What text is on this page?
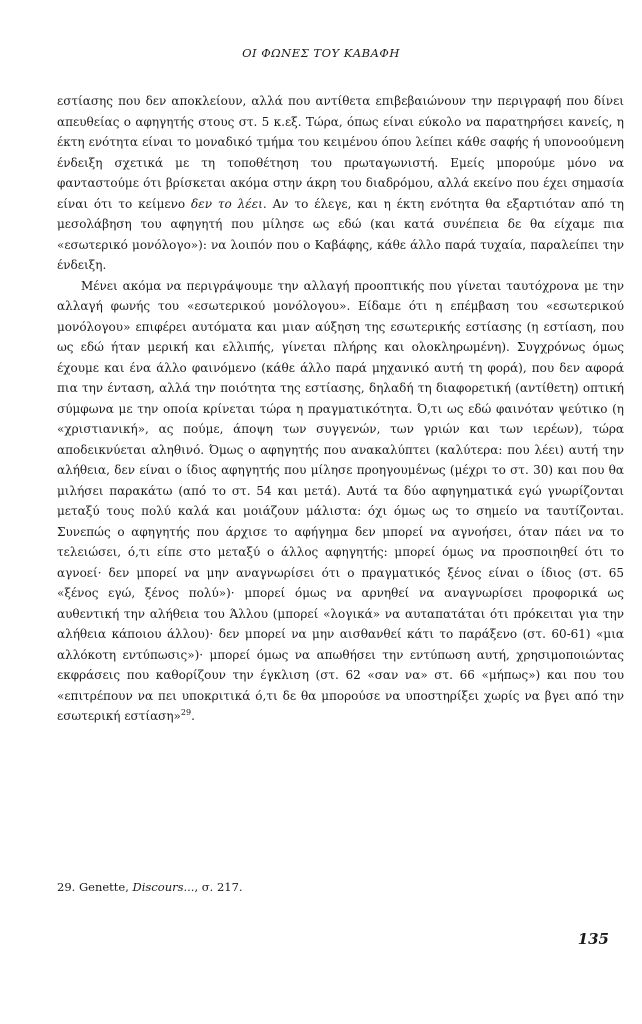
ΟΙ ΦΩΝΕΣ ΤΟΥ ΚΑΒΑΦΗ

εστίασης που δεν αποκλείουν, αλλά που αντίθετα επιβεβαιώνουν την περιγραφή που δίνει απευθείας ο αφηγητής στους στ. 5 κ.εξ. Τώρα, όπως είναι εύκολο να παρατηρήσει κανείς, η έκτη ενότητα είναι το μοναδικό τμήμα του κειμένου όπου λείπει κάθε σαφής ή υπονοούμενη ένδειξη σχετικά με τη τοποθέτηση του πρωταγωνιστή. Εμείς μπορούμε μόνο να φανταστούμε ότι βρίσκεται ακόμα στην άκρη του διαδρόμου, αλλά εκείνο που έχει σημασία είναι ότι το κείμενο δεν το λέει. Αν το έλεγε, και η έκτη ενότητα θα εξαρτιόταν από τη μεσολάβηση του αφηγητή που μίλησε ως εδώ (και κατά συνέπεια δε θα είχαμε πια «εσωτερικό μονόλογο»): να λοιπόν που ο Καβάφης, κάθε άλλο παρά τυχαία, παραλείπει την ένδειξη.

Μένει ακόμα να περιγράψουμε την αλλαγή προοπτικής που γίνεται ταυτόχρονα με την αλλαγή φωνής του «εσωτερικού μονόλογου». Είδαμε ότι η επέμβαση του «εσωτερικού μονόλογου» επιφέρει αυτόματα και μιαν αύξηση της εσωτερικής εστίασης (η εστίαση, που ως εδώ ήταν μερική και ελλιπής, γίνεται πλήρης και ολοκληρωμένη). Συγχρόνως όμως έχουμε και ένα άλλο φαινόμενο (κάθε άλλο παρά μηχανικό αυτή τη φορά), που δεν αφορά πια την ένταση, αλλά την ποιότητα της εστίασης, δηλαδή τη διαφορετική (αντίθετη) οπτική σύμφωνα με την οποία κρίνεται τώρα η πραγματικότητα. Ό,τι ως εδώ φαινόταν ψεύτικο (η «χριστιανική», ας πούμε, άποψη των συγγενών, των γριών και των ιερέων), τώρα αποδεικνύεται αληθινό. Όμως ο αφηγητής που ανακαλύπτει (καλύτερα: που λέει) αυτή την αλήθεια, δεν είναι ο ίδιος αφηγητής που μίλησε προηγουμένως (μέχρι το στ. 30) και που θα μιλήσει παρακάτω (από το στ. 54 και μετά). Αυτά τα δύο αφηγηματικά εγώ γνωρίζονται μεταξύ τους πολύ καλά και μοιάζουν μάλιστα: όχι όμως ως το σημείο να ταυτίζονται. Συνεπώς ο αφηγητής που άρχισε το αφήγημα δεν μπορεί να αγνοήσει, όταν πάει να το τελειώσει, ό,τι είπε στο μεταξύ ο άλλος αφηγητής: μπορεί όμως να προσποιηθεί ότι το αγνοεί· δεν μπορεί να μην αναγνωρίσει ότι ο πραγματικός ξένος είναι ο ίδιος (στ. 65 «ξένος εγώ, ξένος πολύ»)· μπορεί όμως να αρνηθεί να αναγνωρίσει προφορικά ως αυθεντική την αλήθεια του Άλλου (μπορεί «λογικά» να αυταπατάται ότι πρόκειται για την αλήθεια κάποιου άλλου)· δεν μπορεί να μην αισθανθεί κάτι το παράξενο (στ. 60-61) «μια αλλόκοτη εντύπωσις»)· μπορεί όμως να απωθήσει την εντύπωση αυτή, χρησιμοποιώντας εκφράσεις που καθορίζουν την έγκλιση (στ. 62 «σαν να» στ. 66 «μήπως») και που του «επιτρέπουν να πει υποκριτικά ό,τι δε θα μπορούσε να υποστηρίξει χωρίς να βγει από την εσωτερική εστίαση»$^{29}$.

29. Genette, Discours..., σ. 217.
135
